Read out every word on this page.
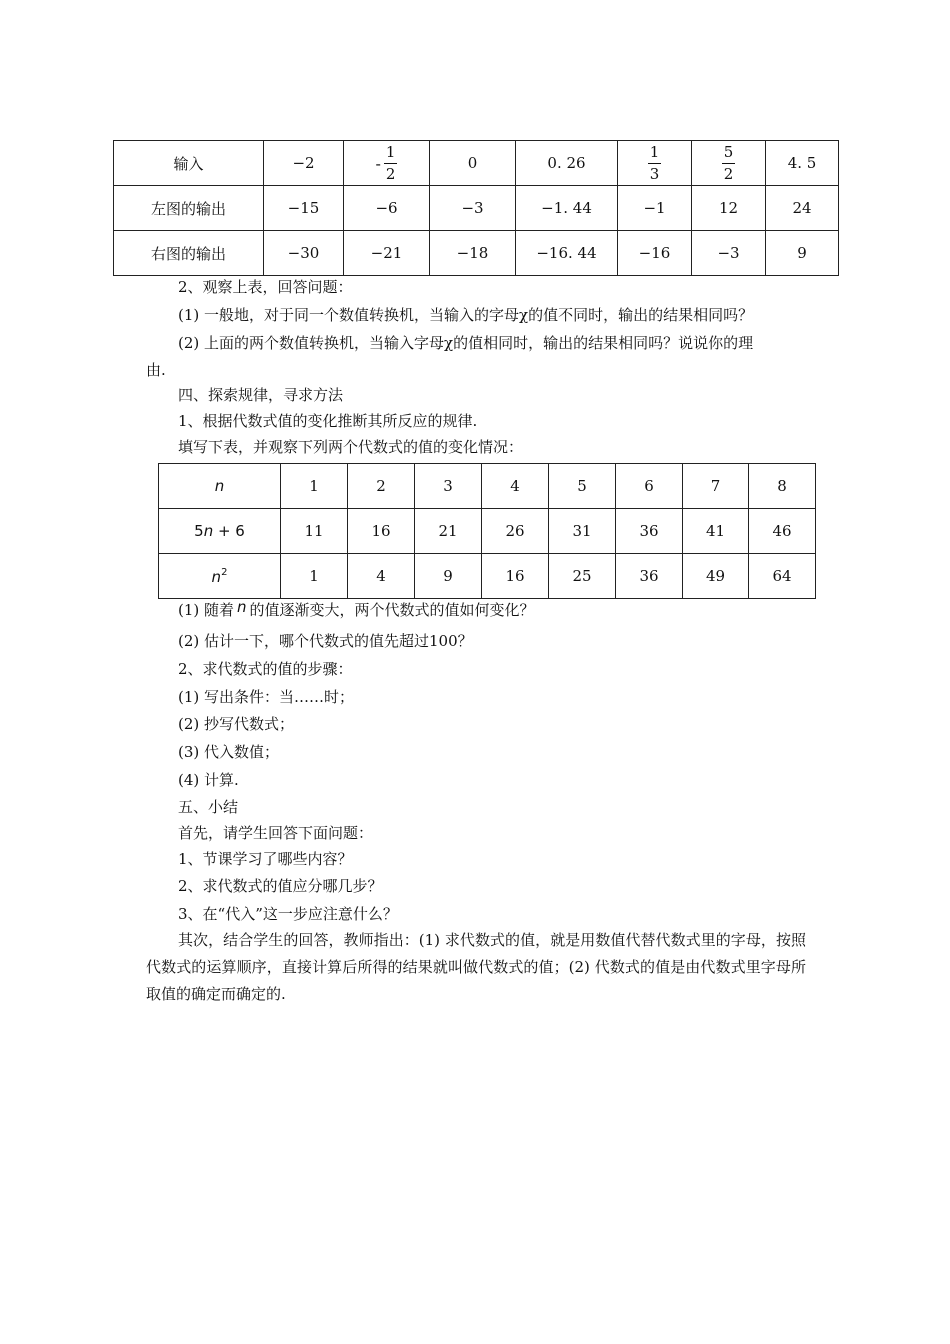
输入	−2	- $\frac{1}{2}$	0	0. 26	$\frac{1}{3}$	$\frac{5}{2}$	4. 5
左图的输出	−15	−6	−3	−1. 44	−1	12	24
右图的输出	−30	−21	−18	−16. 44	−16	−3	9
2、观察上表，回答问题：
(1) 一般地，对于同一个数值转换机，当输入的字母χ的值不同时，输出的结果相同吗？
(2) 上面的两个数值转换机，当输入字母χ的值相同时，输出的结果相同吗？说说你的理
由.
四、探索规律，寻求方法
1、根据代数式值的变化推断其所反应的规律.
填写下表，并观察下列两个代数式的值的变化情况：
n	1	2	3	4	5	6	7	8
5n + 6	11	16	21	26	31	36	41	46
$n^2$	1	4	9	16	25	36	49	64
(1) 随着 n 的值逐渐变大，两个代数式的值如何变化？
(2) 估计一下，哪个代数式的值先超过100？
2、求代数式的值的步骤：
(1) 写出条件：当……时；
(2) 抄写代数式；
(3) 代入数值；
(4) 计算.
五、小结
首先，请学生回答下面问题：
1、节课学习了哪些内容？
2、求代数式的值应分哪几步？
3、在“代入”这一步应注意什么？
其次，结合学生的回答，教师指出：(1) 求代数式的值，就是用数值代替代数式里的字母，按照代数式的运算顺序，直接计算后所得的结果就叫做代数式的值；(2) 代数式的值是由代数式里字母所取值的确定而确定的.
